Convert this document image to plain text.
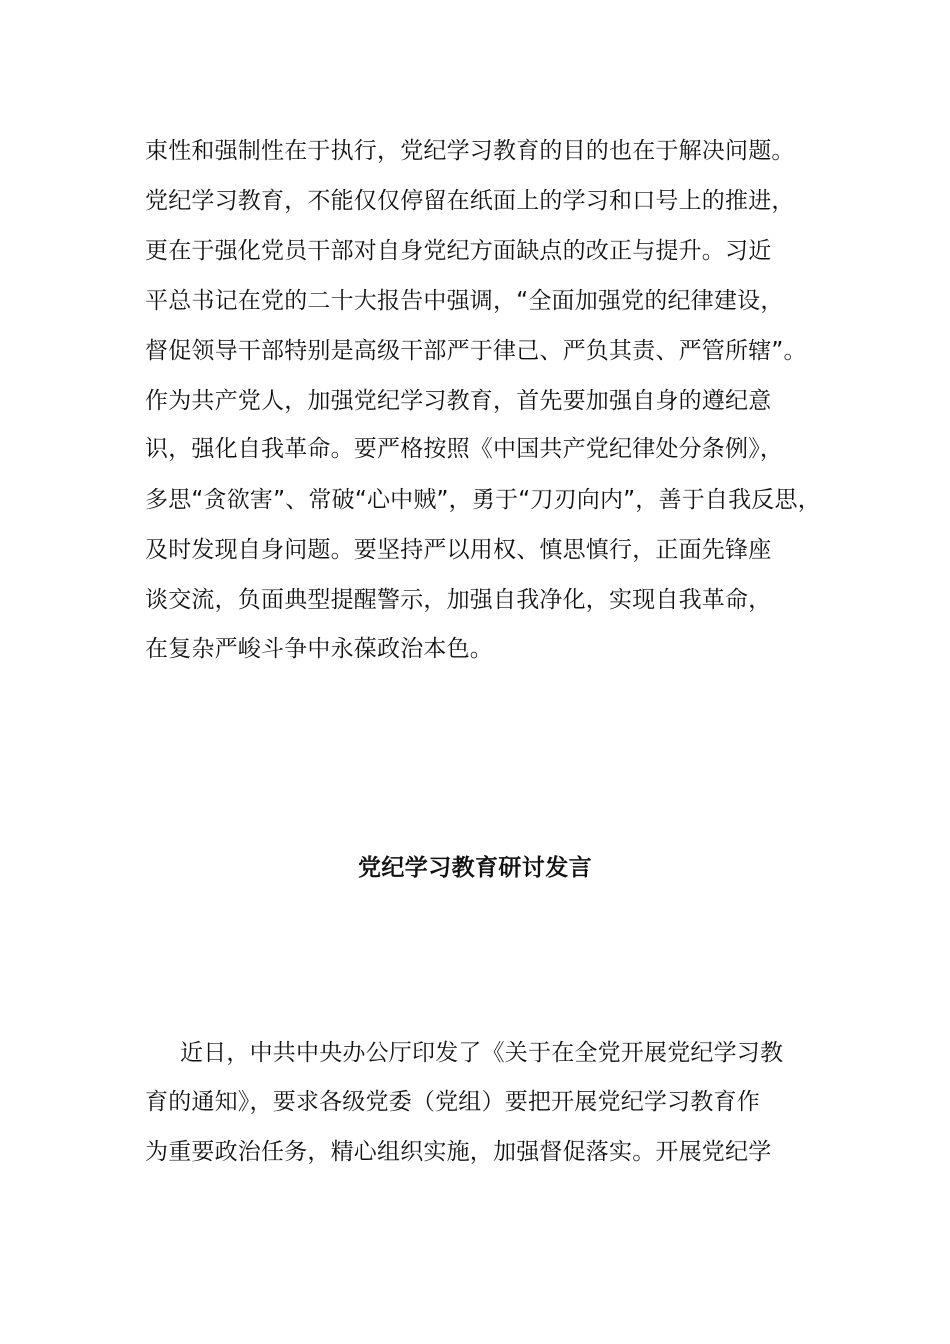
束性和强制性在于执行，党纪学习教育的目的也在于解决问题。
党纪学习教育，不能仅仅停留在纸面上的学习和口号上的推进，
更在于强化党员干部对自身党纪方面缺点的改正与提升。习近
平总书记在党的二十大报告中强调，“全面加强党的纪律建设，
督促领导干部特别是高级干部严于律己、严负其责、严管所辖”。
作为共产党人，加强党纪学习教育，首先要加强自身的遵纪意
识，强化自我革命。要严格按照《中国共产党纪律处分条例》，
多思“贪欲害”、常破“心中贼”，勇于“刀刃向内”，善于自我反思，
及时发现自身问题。要坚持严以用权、慎思慎行，正面先锋座
谈交流，负面典型提醒警示，加强自我净化，实现自我革命，
在复杂严峻斗争中永葆政治本色。
党纪学习教育研讨发言
近日，中共中央办公厅印发了《关于在全党开展党纪学习教
育的通知》，要求各级党委（党组）要把开展党纪学习教育作
为重要政治任务，精心组织实施，加强督促落实。开展党纪学
